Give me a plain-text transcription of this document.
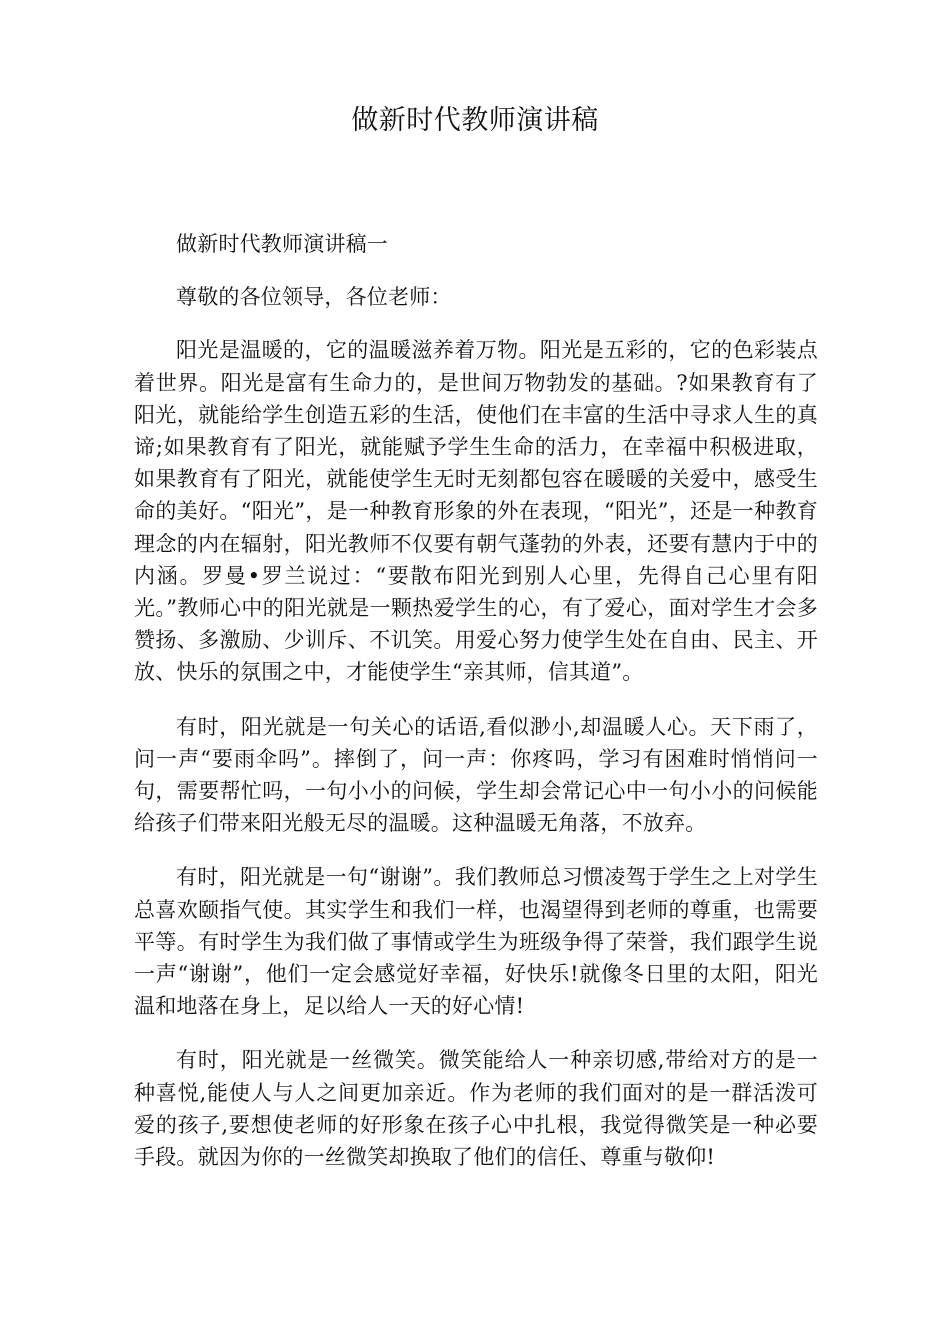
做新时代教师演讲稿

做新时代教师演讲稿一

尊敬的各位领导，各位老师：

阳光是温暖的，它的温暖滋养着万物。阳光是五彩的，它的色彩装点着世界。阳光是富有生命力的，是世间万物勃发的基础。?如果教育有了阳光，就能给学生创造五彩的生活，使他们在丰富的生活中寻求人生的真谛;如果教育有了阳光，就能赋予学生生命的活力，在幸福中积极进取，如果教育有了阳光，就能使学生无时无刻都包容在暖暖的关爱中，感受生命的美好。“阳光”，是一种教育形象的外在表现，“阳光”，还是一种教育理念的内在辐射，阳光教师不仅要有朝气蓬勃的外表，还要有慧内于中的内涵。罗曼•罗兰说过：“要散布阳光到别人心里，先得自己心里有阳光。”教师心中的阳光就是一颗热爱学生的心，有了爱心，面对学生才会多赞扬、多激励、少训斥、不讥笑。用爱心努力使学生处在自由、民主、开放、快乐的氛围之中，才能使学生“亲其师，信其道”。

有时，阳光就是一句关心的话语,看似渺小,却温暖人心。天下雨了，问一声“要雨伞吗”。摔倒了，问一声：你疼吗，学习有困难时悄悄问一句，需要帮忙吗，一句小小的问候，学生却会常记心中一句小小的问候能给孩子们带来阳光般无尽的温暖。这种温暖无角落，不放弃。

有时，阳光就是一句“谢谢”。我们教师总习惯凌驾于学生之上对学生总喜欢颐指气使。其实学生和我们一样，也渴望得到老师的尊重，也需要平等。有时学生为我们做了事情或学生为班级争得了荣誉，我们跟学生说一声“谢谢”，他们一定会感觉好幸福，好快乐!就像冬日里的太阳，阳光温和地落在身上，足以给人一天的好心情!

有时，阳光就是一丝微笑。微笑能给人一种亲切感,带给对方的是一种喜悦,能使人与人之间更加亲近。作为老师的我们面对的是一群活泼可爱的孩子,要想使老师的好形象在孩子心中扎根，我觉得微笑是一种必要手段。就因为你的一丝微笑却换取了他们的信任、尊重与敬仰!
